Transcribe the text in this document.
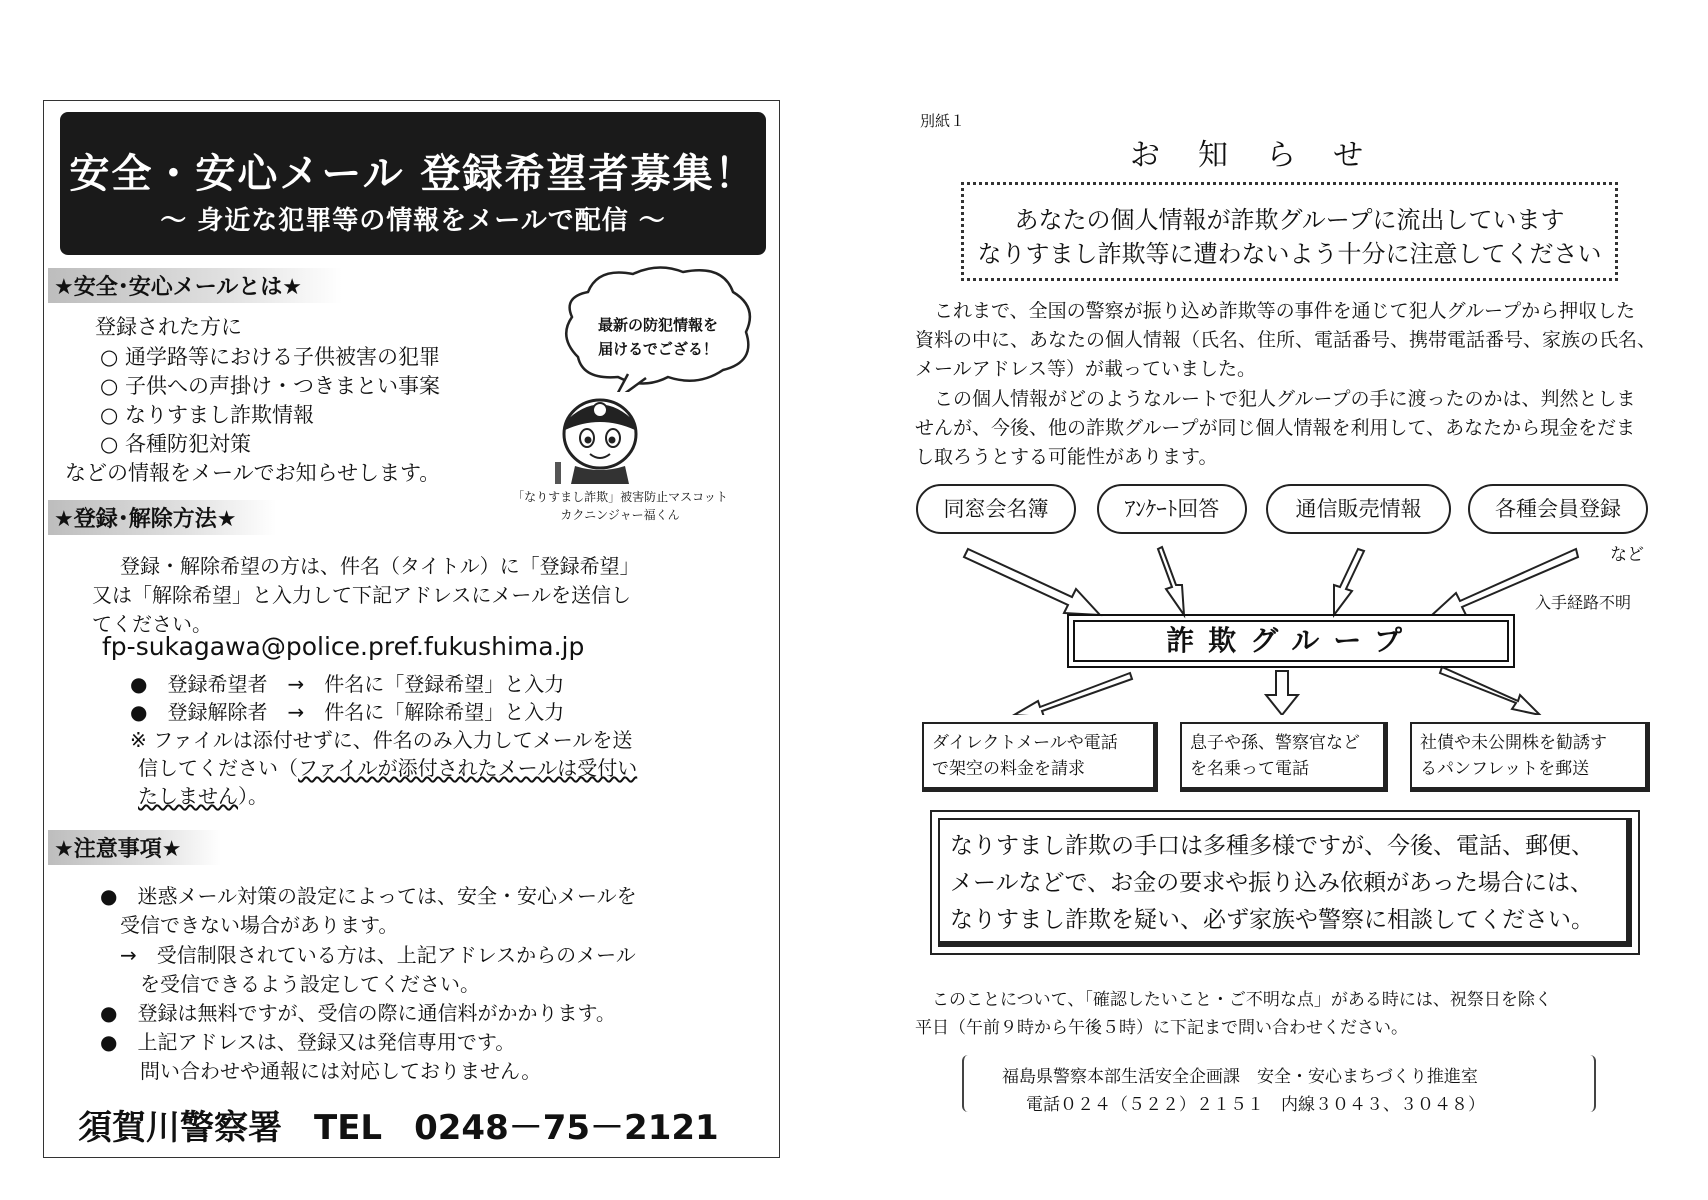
安全・安心メール 登録希望者募集！
～ 身近な犯罪等の情報をメールで配信 ～
★安全･安心メールとは★
登録された方に
○ 通学路等における子供被害の犯罪
○ 子供への声掛け・つきまとい事案
○ なりすまし詐欺情報
○ 各種防犯対策
などの情報をメールでお知らせします。
最新の防犯情報を
届けるでござる！
「なりすまし詐欺」被害防止マスコット
カクニンジャー福くん
★登録･解除方法★
登録・解除希望の方は、件名（タイトル）に「登録希望」
又は「解除希望」と入力して下記アドレスにメールを送信し
てください。
fp-sukagawa@police.pref.fukushima.jp
●　登録希望者　→　件名に「登録希望」と入力
●　登録解除者　→　件名に「解除希望」と入力
※ ファイルは添付せずに、件名のみ入力してメールを送
信してください（ファイルが添付されたメールは受付い
たしません）。
★注意事項★
●　迷惑メール対策の設定によっては、安全・安心メールを
　受信できない場合があります。
　→　受信制限されている方は、上記アドレスからのメール
　　を受信できるよう設定してください。
●　登録は無料ですが、受信の際に通信料がかかります。
●　上記アドレスは、登録又は発信専用です。
　　問い合わせや通報には対応しておりません。
須賀川警察署 TEL 0248－75－2121
別紙１
お知らせ
あなたの個人情報が詐欺グループに流出しています
なりすまし詐欺等に遭わないよう十分に注意してください
　これまで、全国の警察が振り込め詐欺等の事件を通じて犯人グループから押収した
資料の中に、あなたの個人情報（氏名、住所、電話番号、携帯電話番号、家族の氏名、
メールアドレス等）が載っていました。
　この個人情報がどのようなルートで犯人グループの手に渡ったのかは、判然としま
せんが、今後、他の詐欺グループが同じ個人情報を利用して、あなたから現金をだま
し取ろうとする可能性があります。
同窓会名簿	ｱﾝｹｰﾄ回答	通信販売情報	各種会員登録
など
入手経路不明
詐欺グループ
ダイレクトメールや電話
で架空の料金を請求
息子や孫、警察官など
を名乗って電話
社債や未公開株を勧誘す
るパンフレットを郵送
なりすまし詐欺の手口は多種多様ですが、今後、電話、郵便、
メールなどで、お金の要求や振り込み依頼があった場合には、
なりすまし詐欺を疑い、必ず家族や警察に相談してください。
　このことについて、「確認したいこと・ご不明な点」がある時には、祝祭日を除く
平日（午前９時から午後５時）に下記まで問い合わせください。
福島県警察本部生活安全企画課　安全・安心まちづくり推進室
電話０２４（５２２）２１５１　内線３０４３、３０４８）
